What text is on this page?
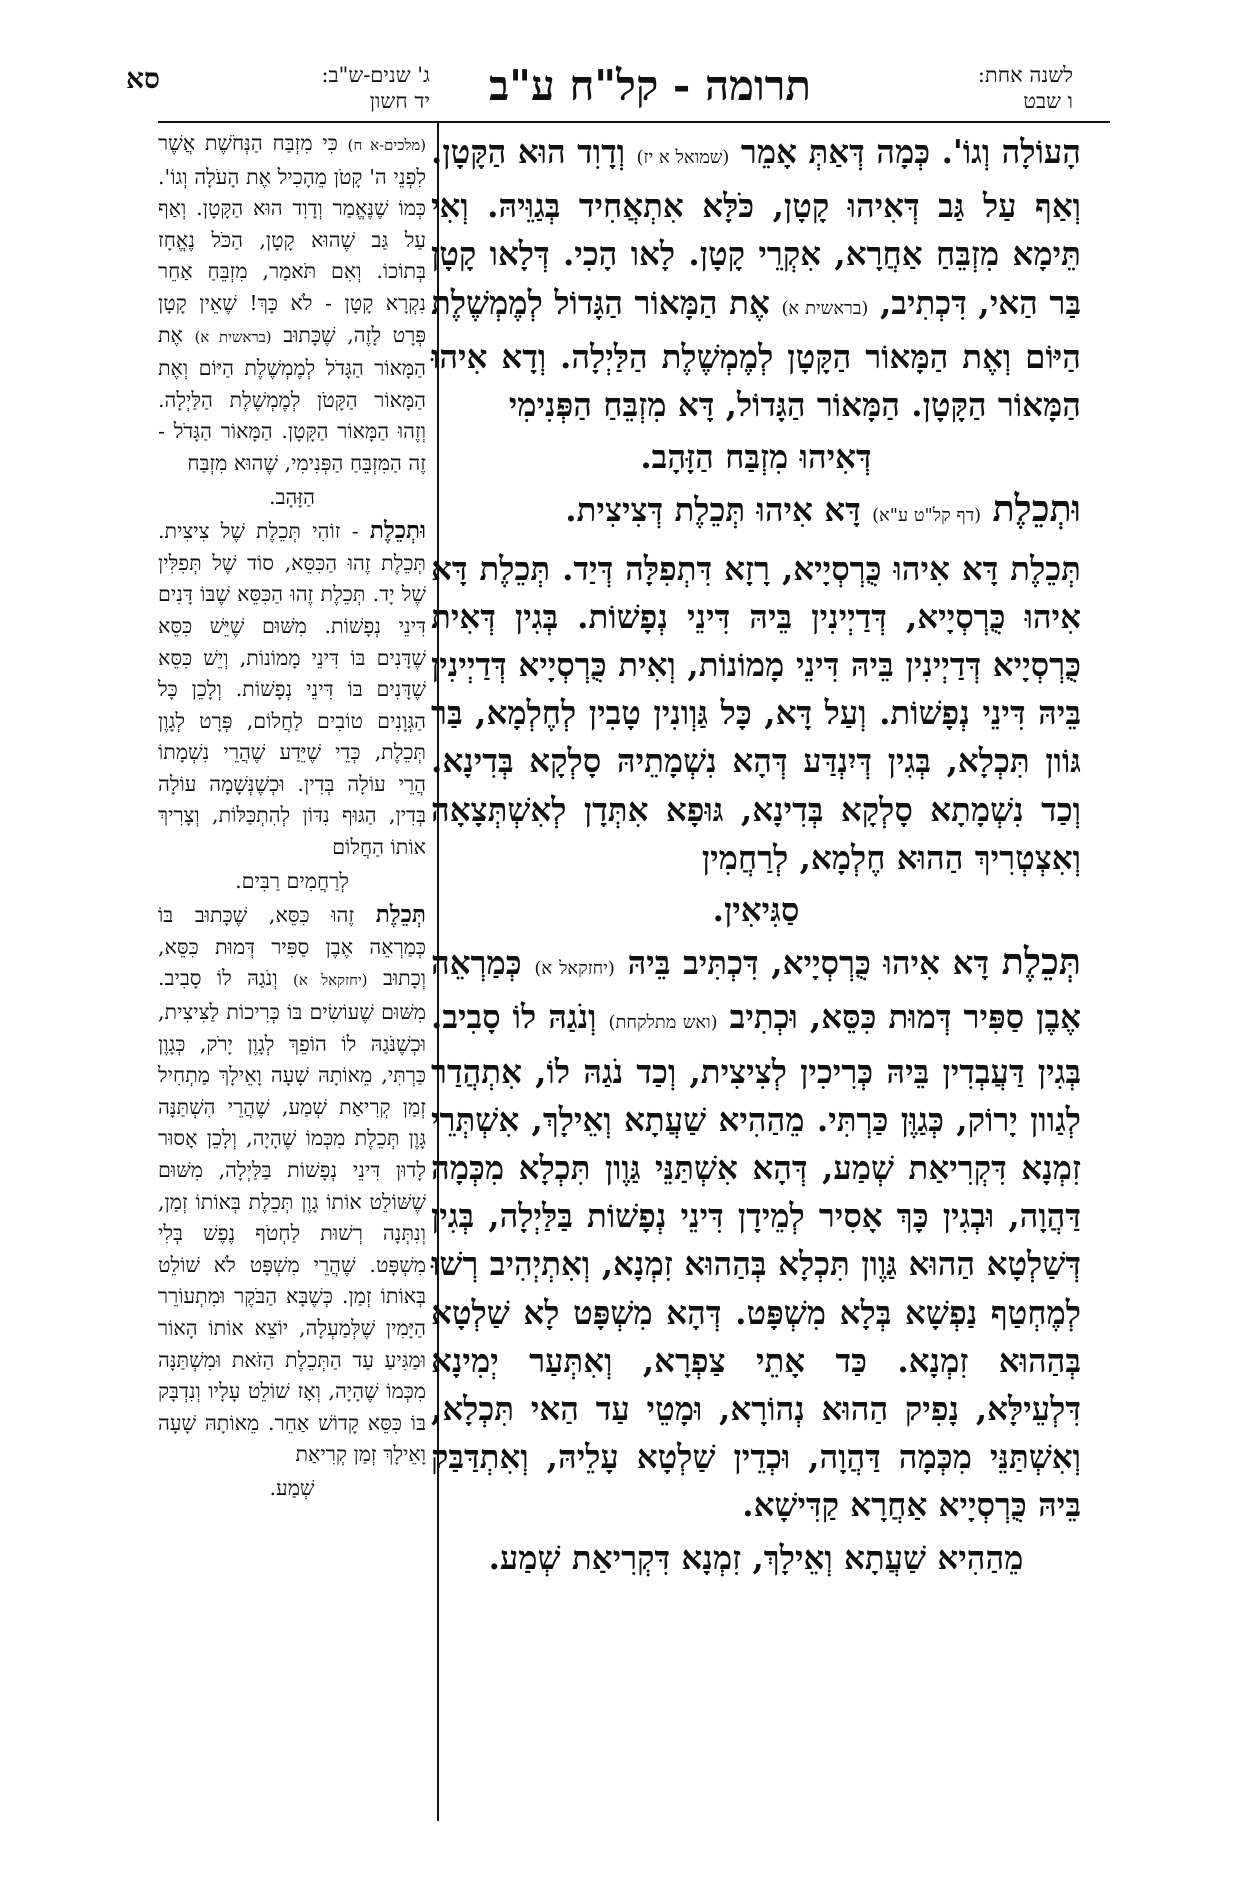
לשנה אחת:
ו שבט
תרומה - קל"ח ע"ב
ג' שנים-ש"ב:
יד חשון
סא

הָעוֹלָה וְגוֹ'. כְּמָה דְּאַתְּ אָמֵר (שמואל א יז) וְדָוִד הוּא הַקָּטָן. וְאַף עַל גַּב דְּאִיהוּ קָטָן, כֹּלָּא אִתְאֲחִיד בְּגַוֵּיהּ. וְאִי תֵּימָא מִזְבֵּחַ אַחֲרָא, אִקְרֵי קָטָן. לָאו הָכִי. דְּלָאו קָטָן בַּר הַאי, דִּכְתִיב, (בראשית א) אֶת הַמָּאוֹר הַגָּדוֹל לְמֶמְשֶׁלֶת הַיּוֹם וְאֶת הַמָּאוֹר הַקָּטָן לְמֶמְשֶׁלֶת הַלַּיְלָה. וְדָא אִיהוּ הַמָּאוֹר הַקָּטָן. הַמָּאוֹר הַגָּדוֹל, דָּא מִזְבֵּחַ הַפְּנִימִי

דְּאִיהוּ מִזְבַּח הַזָּהָב.

וּתְכֵלֶת (דף קל"ט ע"א) דָּא אִיהוּ תְּכֵלֶת דְּצִיצִית.

תְּכֵלֶת דָּא אִיהוּ כֻּרְסְיָיא, רָזָא דִּתְפִלָּה דְּיַד. תְּכֵלֶת דָּא אִיהוּ כֻּרְסְיָיא, דְּדַיְינִין בֵּיהּ דִּינֵי נְפָשׁוֹת. בְּגִין דְּאִית כֻּרְסְיָיא דְּדַיְינִין בֵּיהּ דִּינֵי מָמוֹנוֹת, וְאִית כֻּרְסְיָיא דְּדַיְינִין בֵּיהּ דִּינֵי נְפָשׁוֹת. וְעַל דָּא, כָּל גַּוְונִין טָבִין לְחֶלְמָא, בַּר גּוֹון תִּכְלָא, בְּגִין דְּיִנְדַּע דְּהָא נִשְׁמָתֵיהּ סָלְקָא בְּדִינָא. וְכַד נִשְׁמָתָא סָלְקָא בְּדִינָא, גּוּפָא אִתְּדָן לְאִשְׁתְּצָאָה וְאִצְטְרִיךְ הַהוּא חֶלְמָא, לְרַחֲמִין

סַגִּיאִין.

תְּכֵלֶת דָּא אִיהוּ כֻּרְסְיָיא, דִּכְתִּיב בֵּיהּ (יחזקאל א) כְּמַרְאֵה אֶבֶן סַפִּיר דְּמוּת כִּסֵּא, וּכְתִיב (ואש מתלקחת) וְנֹגַהּ לוֹ סָבִיב. בְּגִין דַּעֲבְדִין בֵּיהּ כְּרִיכִין לְצִיצִית, וְכַד נֹגַהּ לוֹ, אִתְהֲדַר לְגַוון יָרוֹק, כְּגַוֶּן כַּרְתִּי. מֵהַהִיא שַׁעֲתָא וְאֵילָךְ, אִשְׁתְּרֵי זִמְנָא דִּקְרִיאַת שְׁמַע, דְּהָא אִשְׁתַּנֵּי גַּוֶון תִּכְלָא מִכְּמָה דַּהֲוָה, וּבְגִין כָּךְ אָסִיר לְמֵידָן דִּינֵי נְפָשׁוֹת בַּלַּיְלָה, בְּגִין דְּשַׁלְטָא הַהוּא גַּוֶון תִּכְלָא בְּהַהוּא זִמְנָא, וְאִתְיְהִיב רְשׁוּ לְמֶחְטַף נַפְשָׁא בְּלָא מִשְׁפָּט. דְּהָא מִשְׁפָּט לָא שַׁלְטָא בְּהַהוּא זִמְנָא. כַּד אָתֵי צַפְרָא, וְאִתְּעַר יְמִינָא דִּלְעֵילָּא, נָפִיק הַהוּא נְהוֹרָא, וּמָטֵי עַד הַאי תִּכְלָא, וְאִשְׁתַּנֵּי מִכְּמָה דַּהֲוָה, וּכְדֵין שַׁלְטָא עָלֵיהּ, וְאִתְדַּבַּק בֵּיהּ כֻּרְסְיָיא אַחֲרָא קַדִּישָׁא.

מֵהַהִיא שַׁעֲתָא וְאֵילָךְ, זִמְנָא דִּקְרִיאַת שְׁמַע.

(מלכים-א ח) כִּי מִזְבַּח הַנְּחֹשֶׁת אֲשֶׁר לִפְנֵי ה' קָטֹן מֵהָכִיל אֶת הָעֹלָה וְגוֹ'. כְּמוֹ שֶׁנֶּאֱמַר וְדָוִד הוּא הַקָּטָן. וְאַף עַל גַּב שֶׁהוּא קָטָן, הַכֹּל נֶאֱחָז בְּתוֹכוֹ. וְאִם תֹּאמַר, מִזְבֵּחַ אַחֵר נִקְרָא קָטָן - לֹא כָּךְ! שֶׁאֵין קָטָן פְּרָט לָזֶה, שֶׁכָּתוּב (בראשית א) אֶת הַמָּאוֹר הַגָּדֹל לְמֶמְשֶׁלֶת הַיּוֹם וְאֶת הַמָּאוֹר הַקָּטֹן לְמֶמְשֶׁלֶת הַלַּיְלָה. וְזֶהוּ הַמָּאוֹר הַקָּטָן. הַמָּאוֹר הַגָּדֹל - זֶה הַמִּזְבֵּחַ הַפְּנִימִי, שֶׁהוּא מִזְבַּח

הַזָּהָב.

וּתְכֵלֶת - זוֹהִי תְּכֵלֶת שֶׁל צִיצִית. תְּכֵלֶת זֶהוּ הַכִּסֵּא, סוֹד שֶׁל תְּפִלִּין שֶׁל יָד. תְּכֵלֶת זֶהוּ הַכִּסֵּא שֶׁבּוֹ דָּנִים דִּינֵי נְפָשׁוֹת. מִשּׁוּם שֶׁיֵּשׁ כִּסֵּא שֶׁדָּנִים בּוֹ דִּינֵי מָמוֹנוֹת, וְיֵשׁ כִּסֵּא שֶׁדָּנִים בּוֹ דִּינֵי נְפָשׁוֹת. וְלָכֵן כָּל הַגְּוָנִים טוֹבִים לַחֲלוֹם, פְּרָט לְגָוֶן תְּכֵלֶת, כְּדֵי שֶׁיֵּדַע שֶׁהֲרֵי נִשְׁמָתוֹ הֲרֵי עוֹלָה בְּדִין. וּכְשֶׁנְּשָׁמָה עוֹלָה בְּדִין, הַגּוּף נִדּוֹן לְהִתְכַּלּוֹת, וְצָרִיךְ אוֹתוֹ הַחֲלוֹם

לְרַחֲמִים רַבִּים.

תְּכֵלֶת זֶהוּ כִּסֵּא, שֶׁכָּתוּב בּוֹ כְּמַרְאֵה אֶבֶן סַפִּיר דְּמוּת כִּסֵּא, וְכָתוּב (יחזקאל א) וְנֹגַהּ לוֹ סָבִיב. מִשּׁוּם שֶׁעוֹשִׂים בּוֹ כְּרִיכוֹת לַצִּיצִית, וּכְשֶׁנֹּגַהּ לוֹ הוֹפֵךְ לְגָוֶן יָרֹק, כְּגָוֶן כַּרְתִּי, מֵאוֹתָהּ שָׁעָה וָאֵילָךְ מַתְחִיל זְמַן קְרִיאַת שְׁמַע, שֶׁהֲרֵי הִשְׁתַּנָּה גָּוֶן תְּכֵלֶת מִכְּמוֹ שֶׁהָיָה, וְלָכֵן אָסוּר לָדוּן דִּינֵי נְפָשׁוֹת בַּלַּיְלָה, מִשּׁוּם שֶׁשּׁוֹלֵט אוֹתוֹ גָוֶן תְּכֵלֶת בְּאוֹתוֹ זְמַן, וְנִתְּנָה רְשׁוּת לַחְטֹף נֶפֶשׁ בְּלִי מִשְׁפָּט. שֶׁהֲרֵי מִשְׁפָּט לֹא שׁוֹלֵט בְּאוֹתוֹ זְמַן. כְּשֶׁבָּא הַבֹּקֶר וּמִתְעוֹרֵר הַיָּמִין שֶׁלְּמַעְלָה, יוֹצֵא אוֹתוֹ הָאוֹר וּמַגִּיעַ עַד הַתְּכֵלֶת הַזֹּאת וּמִשְׁתַּנָּה מִכְּמוֹ שֶׁהָיָה, וְאָז שׁוֹלֵט עָלָיו וְנִדְבָּק בּוֹ כִּסֵּא קָדוֹשׁ אַחֵר. מֵאוֹתָהּ שָׁעָה וָאֵילָךְ זְמַן קְרִיאַת

שְׁמַע.
